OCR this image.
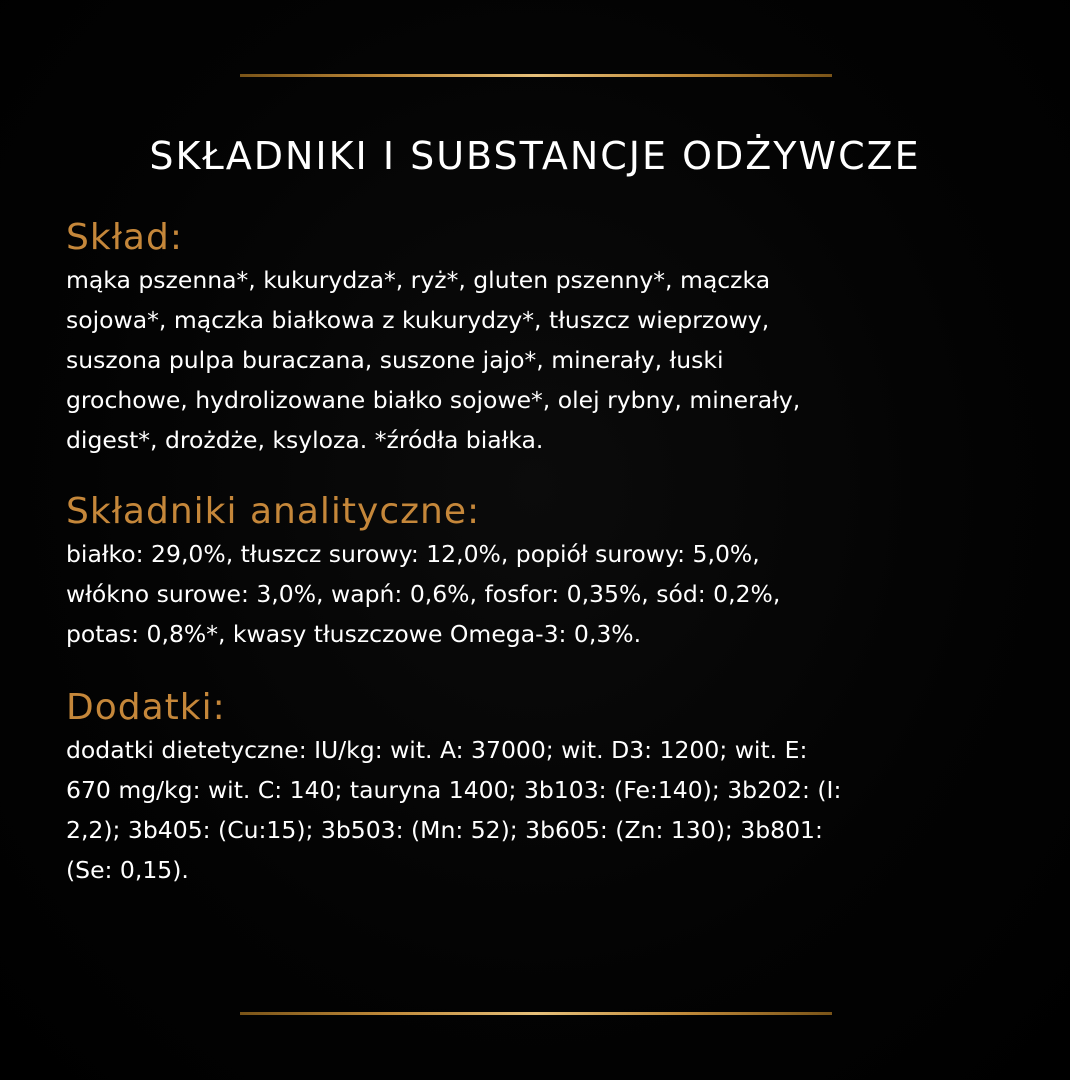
SKŁADNIKI I SUBSTANCJE ODŻYWCZE
Skład:
mąka pszenna*, kukurydza*, ryż*, gluten pszenny*, mączka
sojowa*, mączka białkowa z kukurydzy*, tłuszcz wieprzowy,
suszona pulpa buraczana, suszone jajo*, minerały, łuski
grochowe, hydrolizowane białko sojowe*, olej rybny, minerały,
digest*, drożdże, ksyloza. *źródła białka.
Składniki analityczne:
białko: 29,0%, tłuszcz surowy: 12,0%, popiół surowy: 5,0%,
włókno surowe: 3,0%, wapń: 0,6%, fosfor: 0,35%, sód: 0,2%,
potas: 0,8%*, kwasy tłuszczowe Omega-3: 0,3%.
Dodatki:
dodatki dietetyczne: IU/kg: wit. A: 37000; wit. D3: 1200; wit. E:
670 mg/kg: wit. C: 140; tauryna 1400; 3b103: (Fe:140); 3b202: (I:
2,2); 3b405: (Cu:15); 3b503: (Mn: 52); 3b605: (Zn: 130); 3b801:
(Se: 0,15).
